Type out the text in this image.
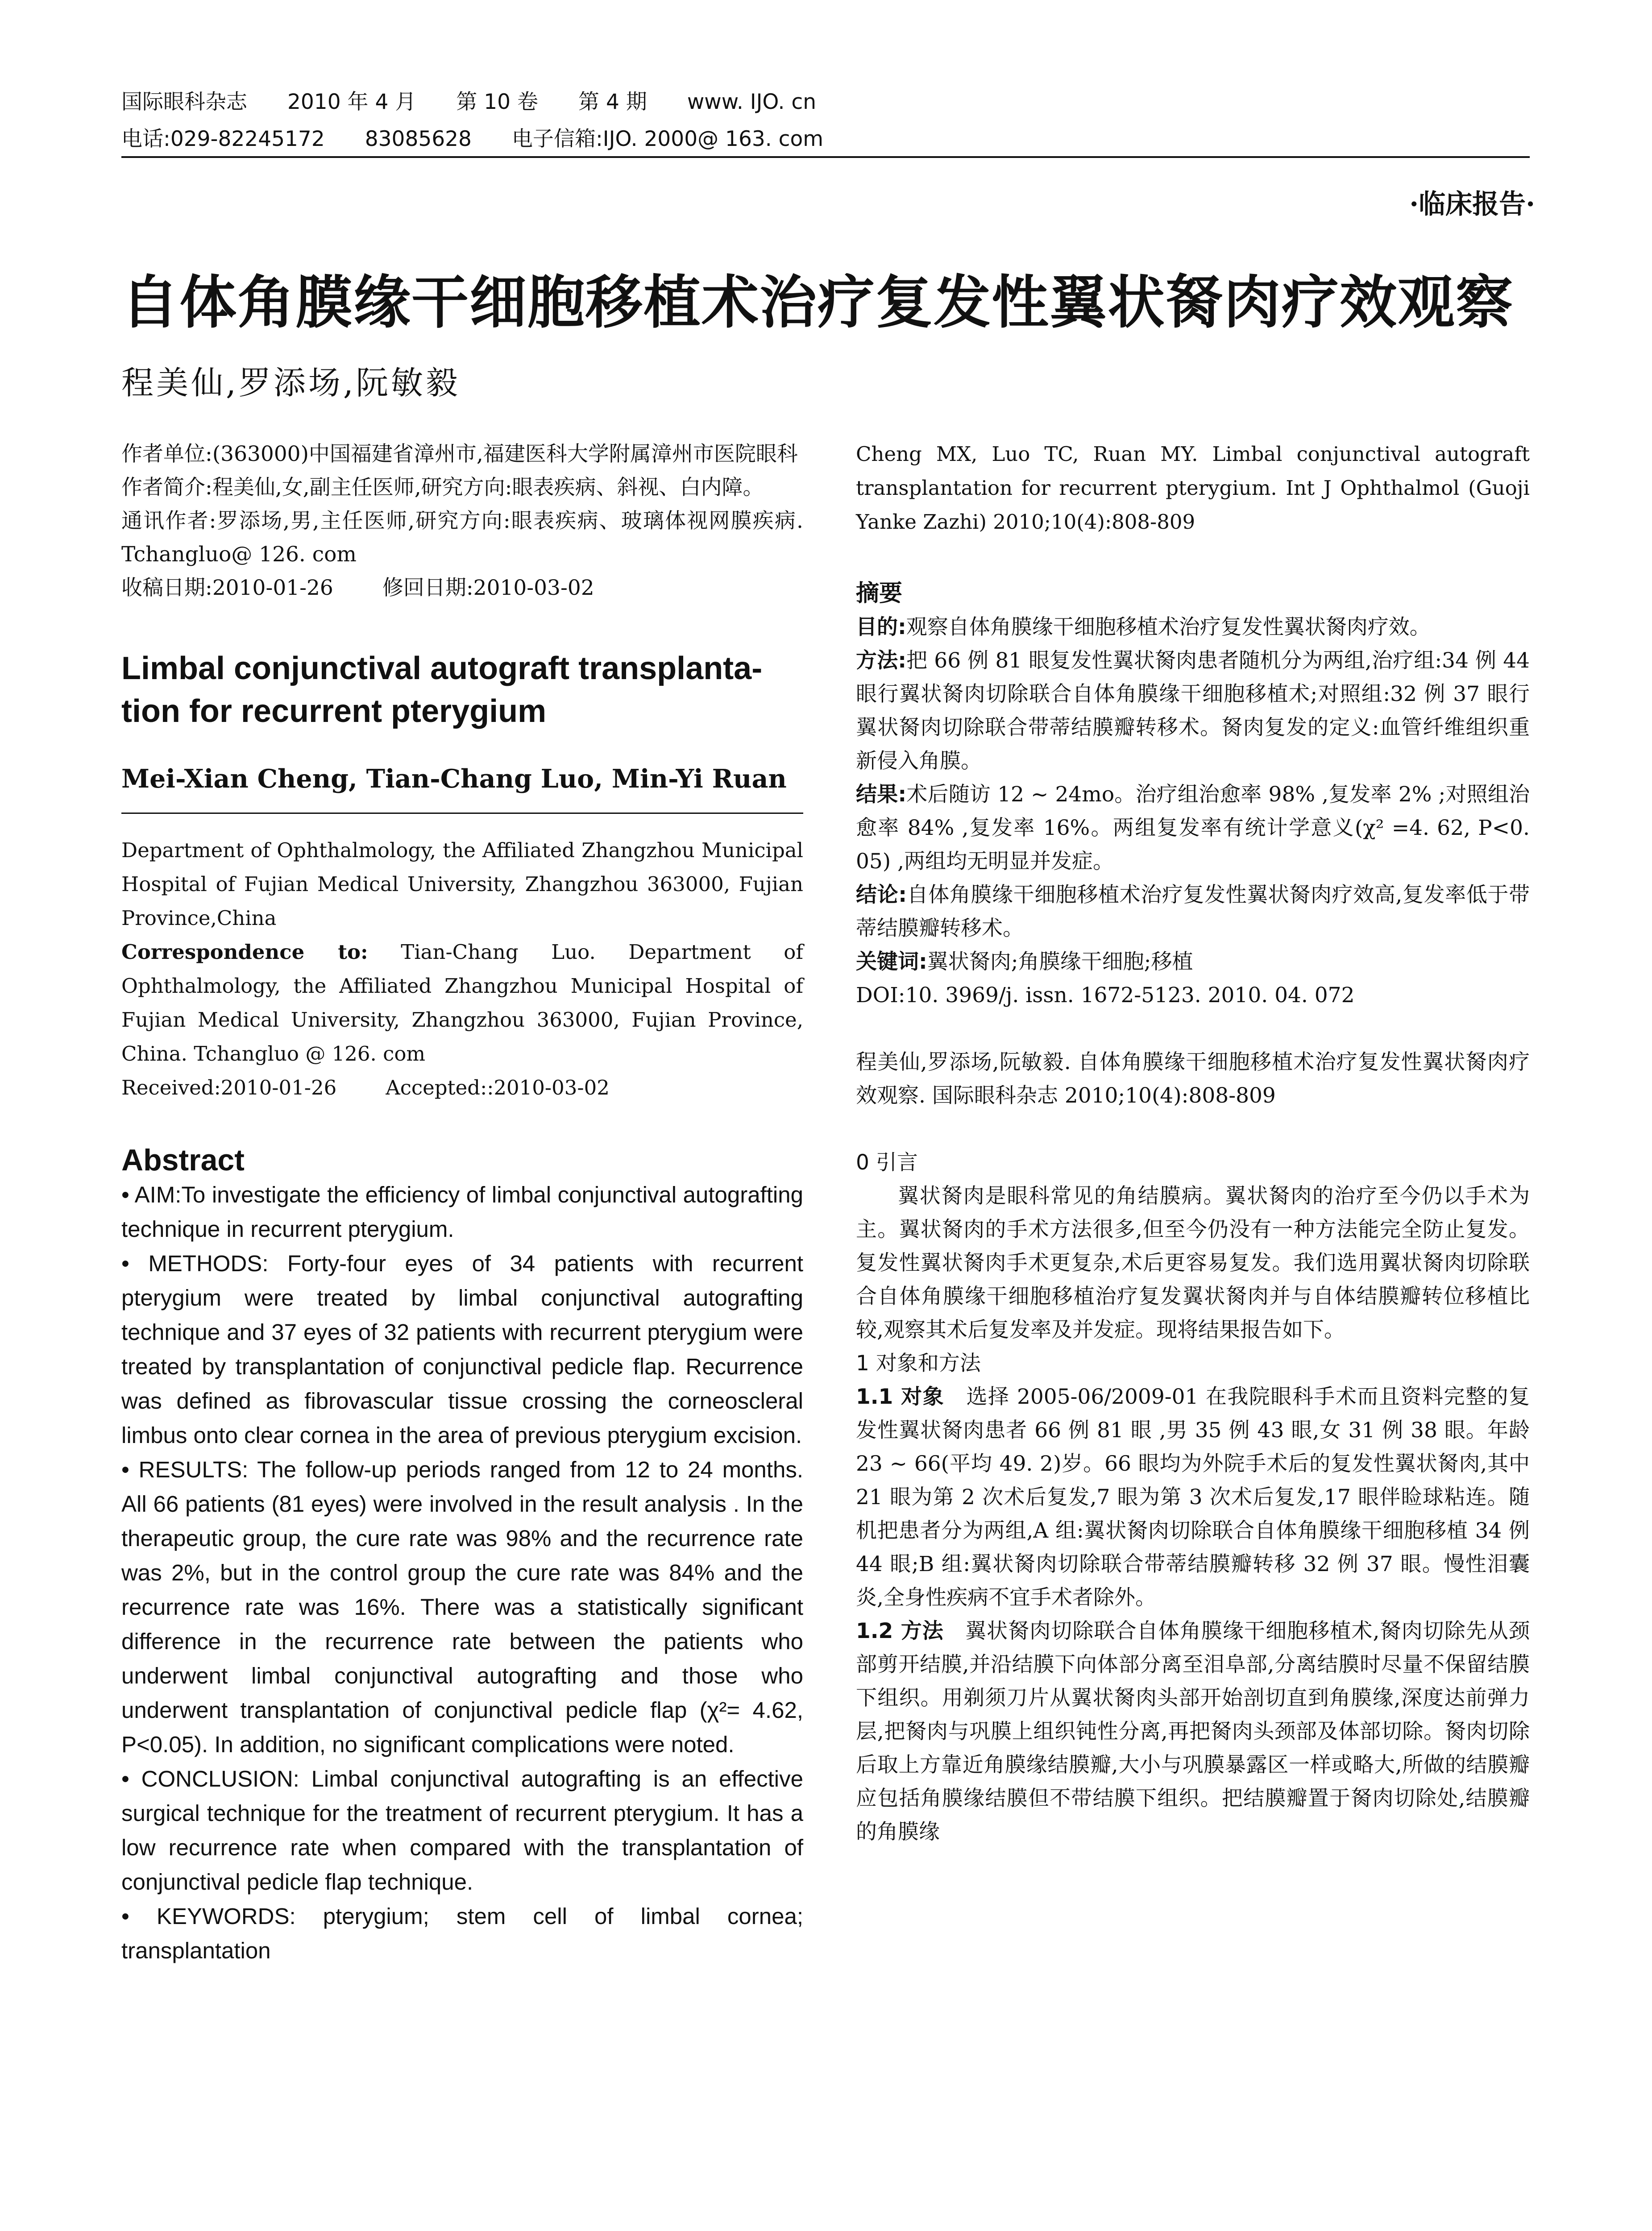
国际眼科杂志 2010 年 4 月 第 10 卷 第 4 期 www. IJO. cn
电话:029-82245172 83085628 电子信箱:IJO. 2000@ 163. com
·临床报告·
自体角膜缘干细胞移植术治疗复发性翼状胬肉疗效观察
程美仙,罗添场,阮敏毅

作者单位:(363000)中国福建省漳州市,福建医科大学附属漳州市医院眼科

作者简介:程美仙,女,副主任医师,研究方向:眼表疾病、斜视、白内障。

通讯作者:罗添场,男,主任医师,研究方向:眼表疾病、玻璃体视网膜疾病. Tchangluo@ 126. com

收稿日期:2010-01-26 修回日期:2010-03-02

Limbal conjunctival autograft transplanta-tion for recurrent pterygium

Mei-Xian Cheng, Tian-Chang Luo, Min-Yi Ruan

Department of Ophthalmology, the Affiliated Zhangzhou Municipal Hospital of Fujian Medical University, Zhangzhou 363000, Fujian Province,China

Correspondence to: Tian-Chang Luo. Department of Ophthalmology, the Affiliated Zhangzhou Municipal Hospital of Fujian Medical University, Zhangzhou 363000, Fujian Province, China. Tchangluo @ 126. com

Received:2010-01-26 Accepted::2010-03-02

Abstract

• AIM:To investigate the efficiency of limbal conjunctival autografting technique in recurrent pterygium.

• METHODS: Forty-four eyes of 34 patients with recurrent pterygium were treated by limbal conjunctival autografting technique and 37 eyes of 32 patients with recurrent pterygium were treated by transplantation of conjunctival pedicle flap. Recurrence was defined as fibrovascular tissue crossing the corneoscleral limbus onto clear cornea in the area of previous pterygium excision.

• RESULTS: The follow-up periods ranged from 12 to 24 months. All 66 patients (81 eyes) were involved in the result analysis . In the therapeutic group, the cure rate was 98% and the recurrence rate was 2%, but in the control group the cure rate was 84% and the recurrence rate was 16%. There was a statistically significant difference in the recurrence rate between the patients who underwent limbal conjunctival autografting and those who underwent transplantation of conjunctival pedicle flap (χ²= 4.62, P<0.05). In addition, no significant complications were noted.

• CONCLUSION: Limbal conjunctival autografting is an effective surgical technique for the treatment of recurrent pterygium. It has a low recurrence rate when compared with the transplantation of conjunctival pedicle flap technique.

• KEYWORDS: pterygium; stem cell of limbal cornea; transplantation

Cheng MX, Luo TC, Ruan MY. Limbal conjunctival autograft transplantation for recurrent pterygium. Int J Ophthalmol (Guoji Yanke Zazhi) 2010;10(4):808-809

摘要

目的:观察自体角膜缘干细胞移植术治疗复发性翼状胬肉疗效。

方法:把 66 例 81 眼复发性翼状胬肉患者随机分为两组,治疗组:34 例 44 眼行翼状胬肉切除联合自体角膜缘干细胞移植术;对照组:32 例 37 眼行翼状胬肉切除联合带蒂结膜瓣转移术。胬肉复发的定义:血管纤维组织重新侵入角膜。

结果:术后随访 12 ~ 24mo。治疗组治愈率 98% ,复发率 2% ;对照组治愈率 84% ,复发率 16%。两组复发率有统计学意义(χ² =4. 62, P<0. 05) ,两组均无明显并发症。

结论:自体角膜缘干细胞移植术治疗复发性翼状胬肉疗效高,复发率低于带蒂结膜瓣转移术。

关键词:翼状胬肉;角膜缘干细胞;移植

DOI:10. 3969/j. issn. 1672-5123. 2010. 04. 072

程美仙,罗添场,阮敏毅. 自体角膜缘干细胞移植术治疗复发性翼状胬肉疗效观察. 国际眼科杂志 2010;10(4):808-809

0 引言

翼状胬肉是眼科常见的角结膜病。翼状胬肉的治疗至今仍以手术为主。翼状胬肉的手术方法很多,但至今仍没有一种方法能完全防止复发。复发性翼状胬肉手术更复杂,术后更容易复发。我们选用翼状胬肉切除联合自体角膜缘干细胞移植治疗复发翼状胬肉并与自体结膜瓣转位移植比较,观察其术后复发率及并发症。现将结果报告如下。

1 对象和方法

1.1 对象 选择 2005-06/2009-01 在我院眼科手术而且资料完整的复发性翼状胬肉患者 66 例 81 眼 ,男 35 例 43 眼,女 31 例 38 眼。年龄 23 ~ 66(平均 49. 2)岁。66 眼均为外院手术后的复发性翼状胬肉,其中 21 眼为第 2 次术后复发,7 眼为第 3 次术后复发,17 眼伴睑球粘连。随机把患者分为两组,A 组:翼状胬肉切除联合自体角膜缘干细胞移植 34 例 44 眼;B 组:翼状胬肉切除联合带蒂结膜瓣转移 32 例 37 眼。慢性泪囊炎,全身性疾病不宜手术者除外。

1.2 方法 翼状胬肉切除联合自体角膜缘干细胞移植术,胬肉切除先从颈部剪开结膜,并沿结膜下向体部分离至泪阜部,分离结膜时尽量不保留结膜下组织。用剃须刀片从翼状胬肉头部开始剖切直到角膜缘,深度达前弹力层,把胬肉与巩膜上组织钝性分离,再把胬肉头颈部及体部切除。胬肉切除后取上方靠近角膜缘结膜瓣,大小与巩膜暴露区一样或略大,所做的结膜瓣应包括角膜缘结膜但不带结膜下组织。把结膜瓣置于胬肉切除处,结膜瓣的角膜缘
